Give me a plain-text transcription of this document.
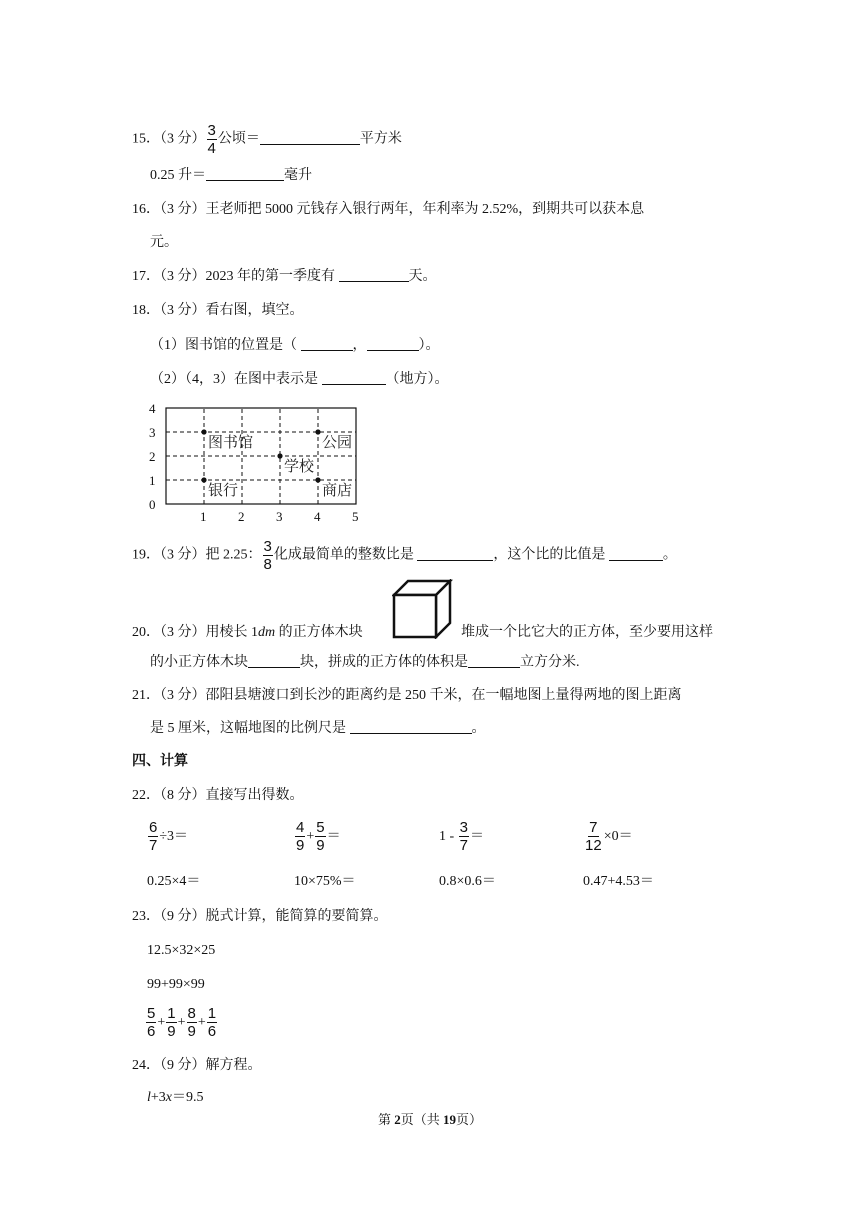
15．（3 分） $\frac{3}{4}$ 公顷＝	平方米
0.25 升＝	毫升
16．（3 分）王老师把 5000 元钱存入银行两年，年利率为 2.52%，到期共可以获本息
元。
17．（3 分）2023 年的第一季度有	天。
18．（3 分）看右图，填空。
（1）图书馆的位置是（	，	）。
（2）（4，3）在图中表示是	（地方）。
4
3
2
1
0
1 2 3 4 5
图书馆	公园
学校
银行	商店
19．（3 分）把 2.25： $\frac{3}{8}$ 化成最简单的整数比是	，这个比的比值是	。
20．（3 分）用棱长 1dm 的正方体木块	堆成一个比它大的正方体，至少要用这样
的小正方体木块	块，拼成的正方体的体积是	立方分米.
21．（3 分）邵阳县塘渡口到长沙的距离约是 250 千米，在一幅地图上量得两地的图上距离
是 5 厘米，这幅地图的比例尺是	。
四、计算
22．（8 分）直接写出得数。
$\frac{6}{7} \div 3=$	$\frac{4}{9} + \frac{5}{9}$ ＝	$1 - \frac{3}{7}$ ＝	$\frac{7}{12} \times 0=$
0.25×4＝	10×75%＝	0.8×0.6＝	0.47+4.53＝
23．（9 分）脱式计算，能简算的要简算。
12.5×32×25
99+99×99
$\frac{5}{6} + \frac{1}{9} + \frac{8}{9} + \frac{1}{6}$
24．（9 分）解方程。
l+3x＝9.5
第 2页（共 19页）
